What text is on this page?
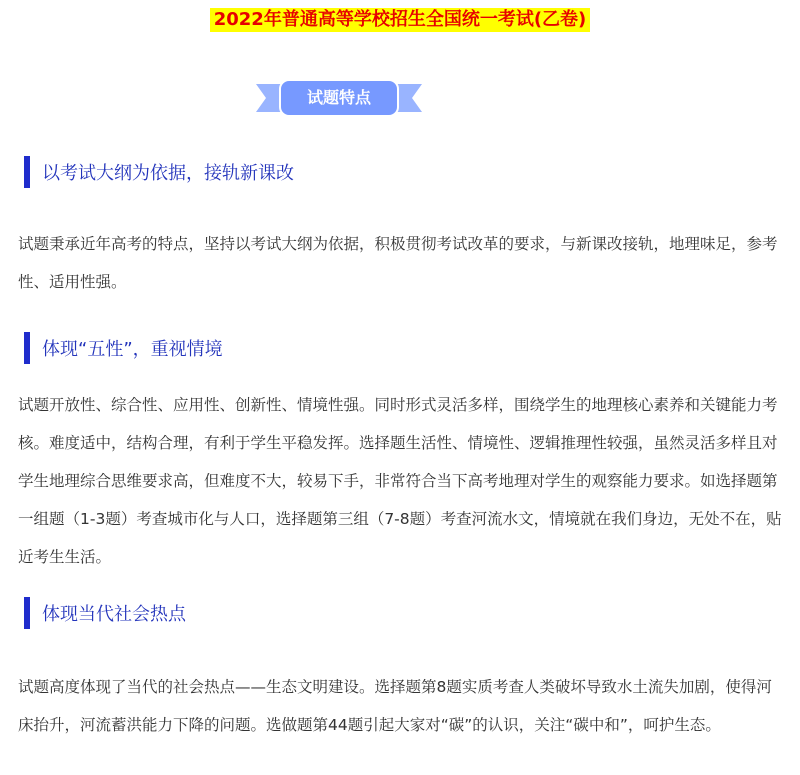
2022年普通高等学校招生全国统一考试(乙卷)
试题特点
以考试大纲为依据，接轨新课改
试题秉承近年高考的特点，坚持以考试大纲为依据，积极贯彻考试改革的要求，与新课改接轨，地理味足，参考性、适用性强。
体现“五性”，重视情境
试题开放性、综合性、应用性、创新性、情境性强。同时形式灵活多样，围绕学生的地理核心素养和关键能力考核。难度适中，结构合理，有利于学生平稳发挥。选择题生活性、情境性、逻辑推理性较强，虽然灵活多样且对学生地理综合思维要求高，但难度不大，较易下手，非常符合当下高考地理对学生的观察能力要求。如选择题第一组题（1-3题）考查城市化与人口，选择题第三组（7-8题）考查河流水文，情境就在我们身边，无处不在，贴近考生生活。
体现当代社会热点
试题高度体现了当代的社会热点——生态文明建设。选择题第8题实质考查人类破坏导致水土流失加剧，使得河床抬升，河流蓄洪能力下降的问题。选做题第44题引起大家对“碳”的认识，关注“碳中和”，呵护生态。
